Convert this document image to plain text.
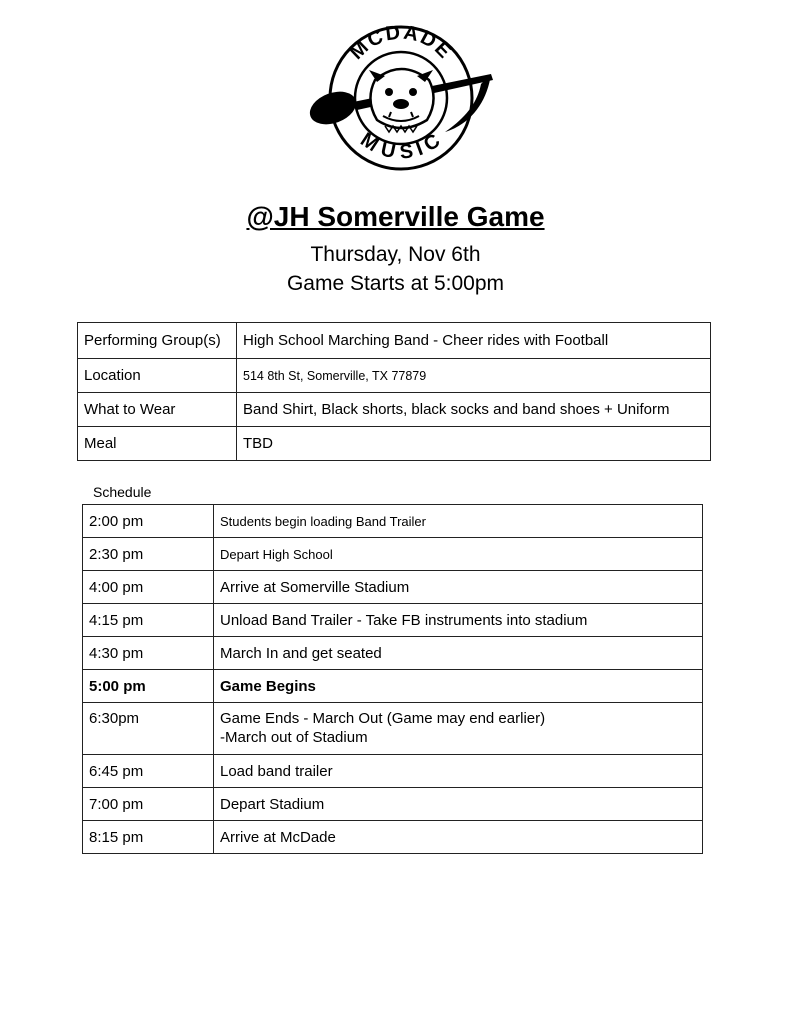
MCDADE
MUSIC
@JH Somerville Game
Thursday, Nov 6th
Game Starts at 5:00pm
Performing Group(s)	High School Marching Band - Cheer rides with Football
Location	514 8th St, Somerville, TX 77879
What to Wear	Band Shirt, Black shorts, black socks and band shoes + Uniform
Meal	TBD
Schedule
2:00 pm	Students begin loading Band Trailer
2:30 pm	Depart High School
4:00 pm	Arrive at Somerville Stadium
4:15 pm	Unload Band Trailer - Take FB instruments into stadium
4:30 pm	March In and get seated
5:00 pm	Game Begins
6:30pm	Game Ends - March Out (Game may end earlier)
-March out of Stadium

6:45 pm	Load band trailer
7:00 pm	Depart Stadium
8:15 pm	Arrive at McDade
